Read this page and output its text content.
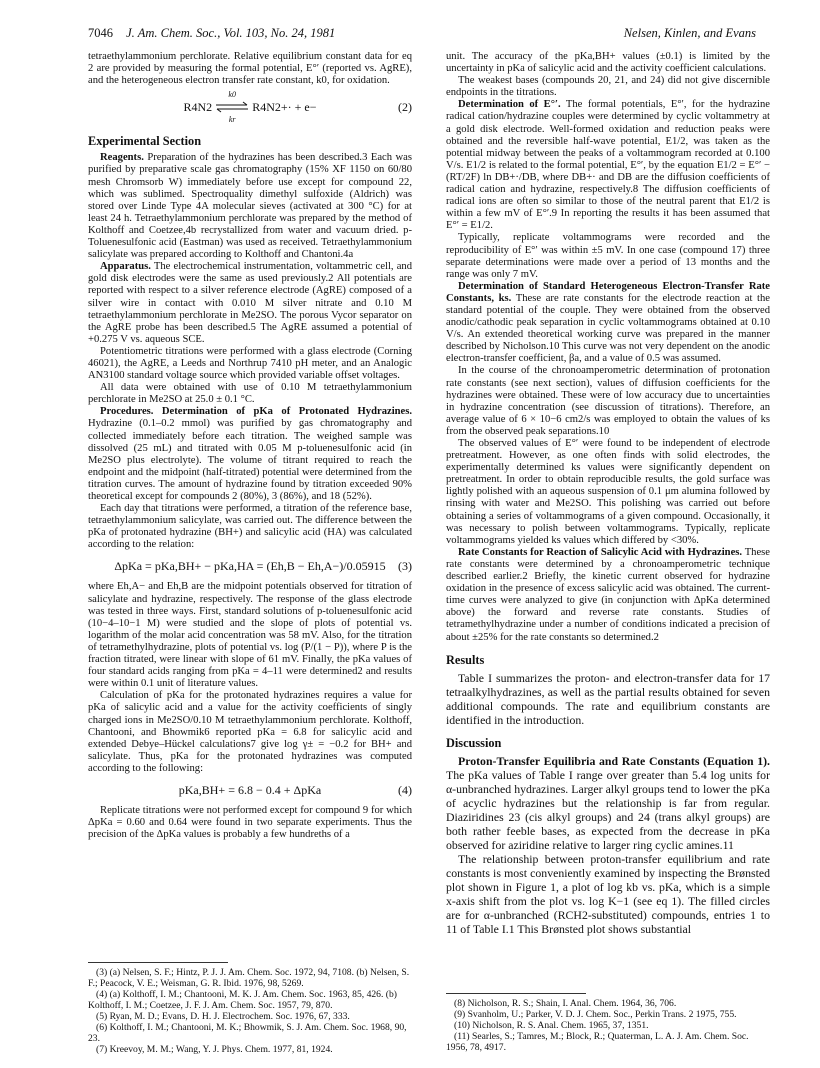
7046 J. Am. Chem. Soc., Vol. 103, No. 24, 1981	Nelsen, Kinlen, and Evans

tetraethylammonium perchlorate. Relative equilibrium constant data for eq 2 are provided by measuring the formal potential, E°′ (reported vs. AgRE), and the heterogeneous electron transfer rate constant, k0, for oxidation.

R4N2
k0
kr
R4N2+· + e−	(2)
Experimental Section

Reagents. Preparation of the hydrazines has been described.3 Each was purified by preparative scale gas chromatography (15% XF 1150 on 60/80 mesh Chromsorb W) immediately before use except for compound 22, which was sublimed. Spectroquality dimethyl sulfoxide (Aldrich) was stored over Linde Type 4A molecular sieves (activated at 300 °C) for at least 24 h. Tetraethylammonium perchlorate was prepared by the method of Kolthoff and Coetzee,4b recrystallized from water and vacuum dried. p-Toluenesulfonic acid (Eastman) was used as received. Tetraethylammonium salicylate was prepared according to Kolthoff and Chantoni.4a

Apparatus. The electrochemical instrumentation, voltammetric cell, and gold disk electrodes were the same as used previously.2 All potentials are reported with respect to a silver reference electrode (AgRE) composed of a silver wire in contact with 0.010 M silver nitrate and 0.10 M tetraethylammonium perchlorate in Me2SO. The porous Vycor separator on the AgRE probe has been described.5 The AgRE assumed a potential of +0.275 V vs. aqueous SCE.

Potentiometric titrations were performed with a glass electrode (Corning 46021), the AgRE, a Leeds and Northrup 7410 pH meter, and an Analogic AN3100 standard voltage source which provided variable offset voltages.

All data were obtained with use of 0.10 M tetraethylammonium perchlorate in Me2SO at 25.0 ± 0.1 °C.

Procedures. Determination of pKa of Protonated Hydrazines. Hydrazine (0.1–0.2 mmol) was purified by gas chromatography and collected immediately before each titration. The weighed sample was dissolved (25 mL) and titrated with 0.05 M p-toluenesulfonic acid (in Me2SO plus electrolyte). The volume of titrant required to reach the endpoint and the midpoint (half-titrated) potential were determined from the titration curves. The amount of hydrazine found by titration exceeded 90% theoretical except for compounds 2 (80%), 3 (86%), and 18 (52%).

Each day that titrations were performed, a titration of the reference base, tetraethylammonium salicylate, was carried out. The difference between the pKa of protonated hydrazine (BH+) and salicylic acid (HA) was calculated according to the relation:

ΔpKa = pKa,BH+ − pKa,HA = (Eh,B − Eh,A−)/0.05915	(3)

where Eh,A− and Eh,B are the midpoint potentials observed for titration of salicylate and hydrazine, respectively. The response of the glass electrode was tested in three ways. First, standard solutions of p-toluenesulfonic acid (10−4–10−1 M) were studied and the slope of plots of potential vs. logarithm of the molar acid concentration was 58 mV. Also, for the titration of tetramethylhydrazine, plots of potential vs. log (P/(1 − P)), where P is the fraction titrated, were linear with slope of 61 mV. Finally, the pKa values of four standard acids ranging from pKa = 4–11 were determined2 and results were within 0.1 unit of literature values.

Calculation of pKa for the protonated hydrazines requires a value for pKa of salicylic acid and a value for the activity coefficients of singly charged ions in Me2SO/0.10 M tetraethylammonium perchlorate. Kolthoff, Chantooni, and Bhowmik6 reported pKa = 6.8 for salicylic acid and extended Debye–Hückel calculations7 give log γ± = −0.2 for BH+ and salicylate. Thus, pKa for the protonated hydrazines was computed according to the following:

pKa,BH+ = 6.8 − 0.4 + ΔpKa	(4)

Replicate titrations were not performed except for compound 9 for which ΔpKa = 0.60 and 0.64 were found in two separate experiments. Thus the precision of the ΔpKa values is probably a few hundreths of a

(3) (a) Nelsen, S. F.; Hintz, P. J. J. Am. Chem. Soc. 1972, 94, 7108. (b) Nelsen, S. F.; Peacock, V. E.; Weisman, G. R. Ibid. 1976, 98, 5269.
(4) (a) Kolthoff, I. M.; Chantooni, M. K. J. Am. Chem. Soc. 1963, 85, 426. (b) Kolthoff, I. M.; Coetzee, J. F. J. Am. Chem. Soc. 1957, 79, 870.
(5) Ryan, M. D.; Evans, D. H. J. Electrochem. Soc. 1976, 67, 333.
(6) Kolthoff, I. M.; Chantooni, M. K.; Bhowmik, S. J. Am. Chem. Soc. 1968, 90, 23.
(7) Kreevoy, M. M.; Wang, Y. J. Phys. Chem. 1977, 81, 1924.

unit. The accuracy of the pKa,BH+ values (±0.1) is limited by the uncertainty in pKa of salicylic acid and the activity coefficient calculations.

The weakest bases (compounds 20, 21, and 24) did not give discernible endpoints in the titrations.

Determination of E°′. The formal potentials, E°′, for the hydrazine radical cation/hydrazine couples were determined by cyclic voltammetry at a gold disk electrode. Well-formed oxidation and reduction peaks were obtained and the reversible half-wave potential, E1/2, was taken as the potential midway between the peaks of a voltammogram recorded at 0.100 V/s. E1/2 is related to the formal potential, E°′, by the equation E1/2 = E°′ − (RT/2F) ln DB+·/DB, where DB+· and DB are the diffusion coefficients of radical cation and hydrazine, respectively.8 The diffusion coefficients of radical ions are often so similar to those of the neutral parent that E1/2 is within a few mV of E°′.9 In reporting the results it has been assumed that E°′ = E1/2.

Typically, replicate voltammograms were recorded and the reproducibility of E°′ was within ±5 mV. In one case (compound 17) three separate determinations were made over a period of 13 months and the range was only 7 mV.

Determination of Standard Heterogeneous Electron-Transfer Rate Constants, ks. These are rate constants for the electrode reaction at the standard potential of the couple. They were obtained from the observed anodic/cathodic peak separation in cyclic voltammograms obtained at 0.10 V/s. An extended theoretical working curve was prepared in the manner described by Nicholson.10 This curve was not very dependent on the anodic electron-transfer coefficient, βa, and a value of 0.5 was assumed.

In the course of the chronoamperometric determination of protonation rate constants (see next section), values of diffusion coefficients for the hydrazines were obtained. These were of low accuracy due to uncertainties in hydrazine concentration (see discussion of titrations). Therefore, an average value of 6 × 10−6 cm2/s was employed to obtain the values of ks from the observed peak separations.10

The observed values of E°′ were found to be independent of electrode pretreatment. However, as one often finds with solid electrodes, the experimentally determined ks values were significantly dependent on pretreatment. In order to obtain reproducible results, the gold surface was lightly polished with an aqueous suspension of 0.1 μm alumina followed by rinsing with water and Me2SO. This polishing was carried out before obtaining a series of voltammograms of a given compound. Occasionally, it was necessary to polish between voltammograms. Typically, replicate voltammograms yielded ks values which differed by <30%.

Rate Constants for Reaction of Salicylic Acid with Hydrazines. These rate constants were determined by a chronoamperometric technique described earlier.2 Briefly, the kinetic current observed for hydrazine oxidation in the presence of excess salicylic acid was obtained. The current-time curves were analyzed to give (in conjunction with ΔpKa determined above) the forward and reverse rate constants. Studies of tetramethylhydrazine under a number of conditions indicated a precision of about ±25% for the rate constants so determined.2

Results

Table I summarizes the proton- and electron-transfer data for 17 tetraalkylhydrazines, as well as the partial results obtained for seven additional compounds. The rate and equilibrium constants are identified in the introduction.

Discussion

Proton-Transfer Equilibria and Rate Constants (Equation 1). The pKa values of Table I range over greater than 5.4 log units for α-unbranched hydrazines. Larger alkyl groups tend to lower the pKa of acyclic hydrazines but the relationship is far from regular. Diaziridines 23 (cis alkyl groups) and 24 (trans alkyl groups) are both rather feeble bases, as expected from the decrease in pKa observed for aziridine relative to larger ring cyclic amines.11

The relationship between proton-transfer equilibrium and rate constants is most conveniently examined by inspecting the Brønsted plot shown in Figure 1, a plot of log kb vs. pKa, which is a simple x-axis shift from the plot vs. log K−1 (see eq 1). The filled circles are for α-unbranched (RCH2-substituted) compounds, entries 1 to 11 of Table I.1 This Brønsted plot shows substantial

(8) Nicholson, R. S.; Shain, I. Anal. Chem. 1964, 36, 706.
(9) Svanholm, U.; Parker, V. D. J. Chem. Soc., Perkin Trans. 2 1975, 755.
(10) Nicholson, R. S. Anal. Chem. 1965, 37, 1351.
(11) Searles, S.; Tamres, M.; Block, R.; Quaterman, L. A. J. Am. Chem. Soc. 1956, 78, 4917.
